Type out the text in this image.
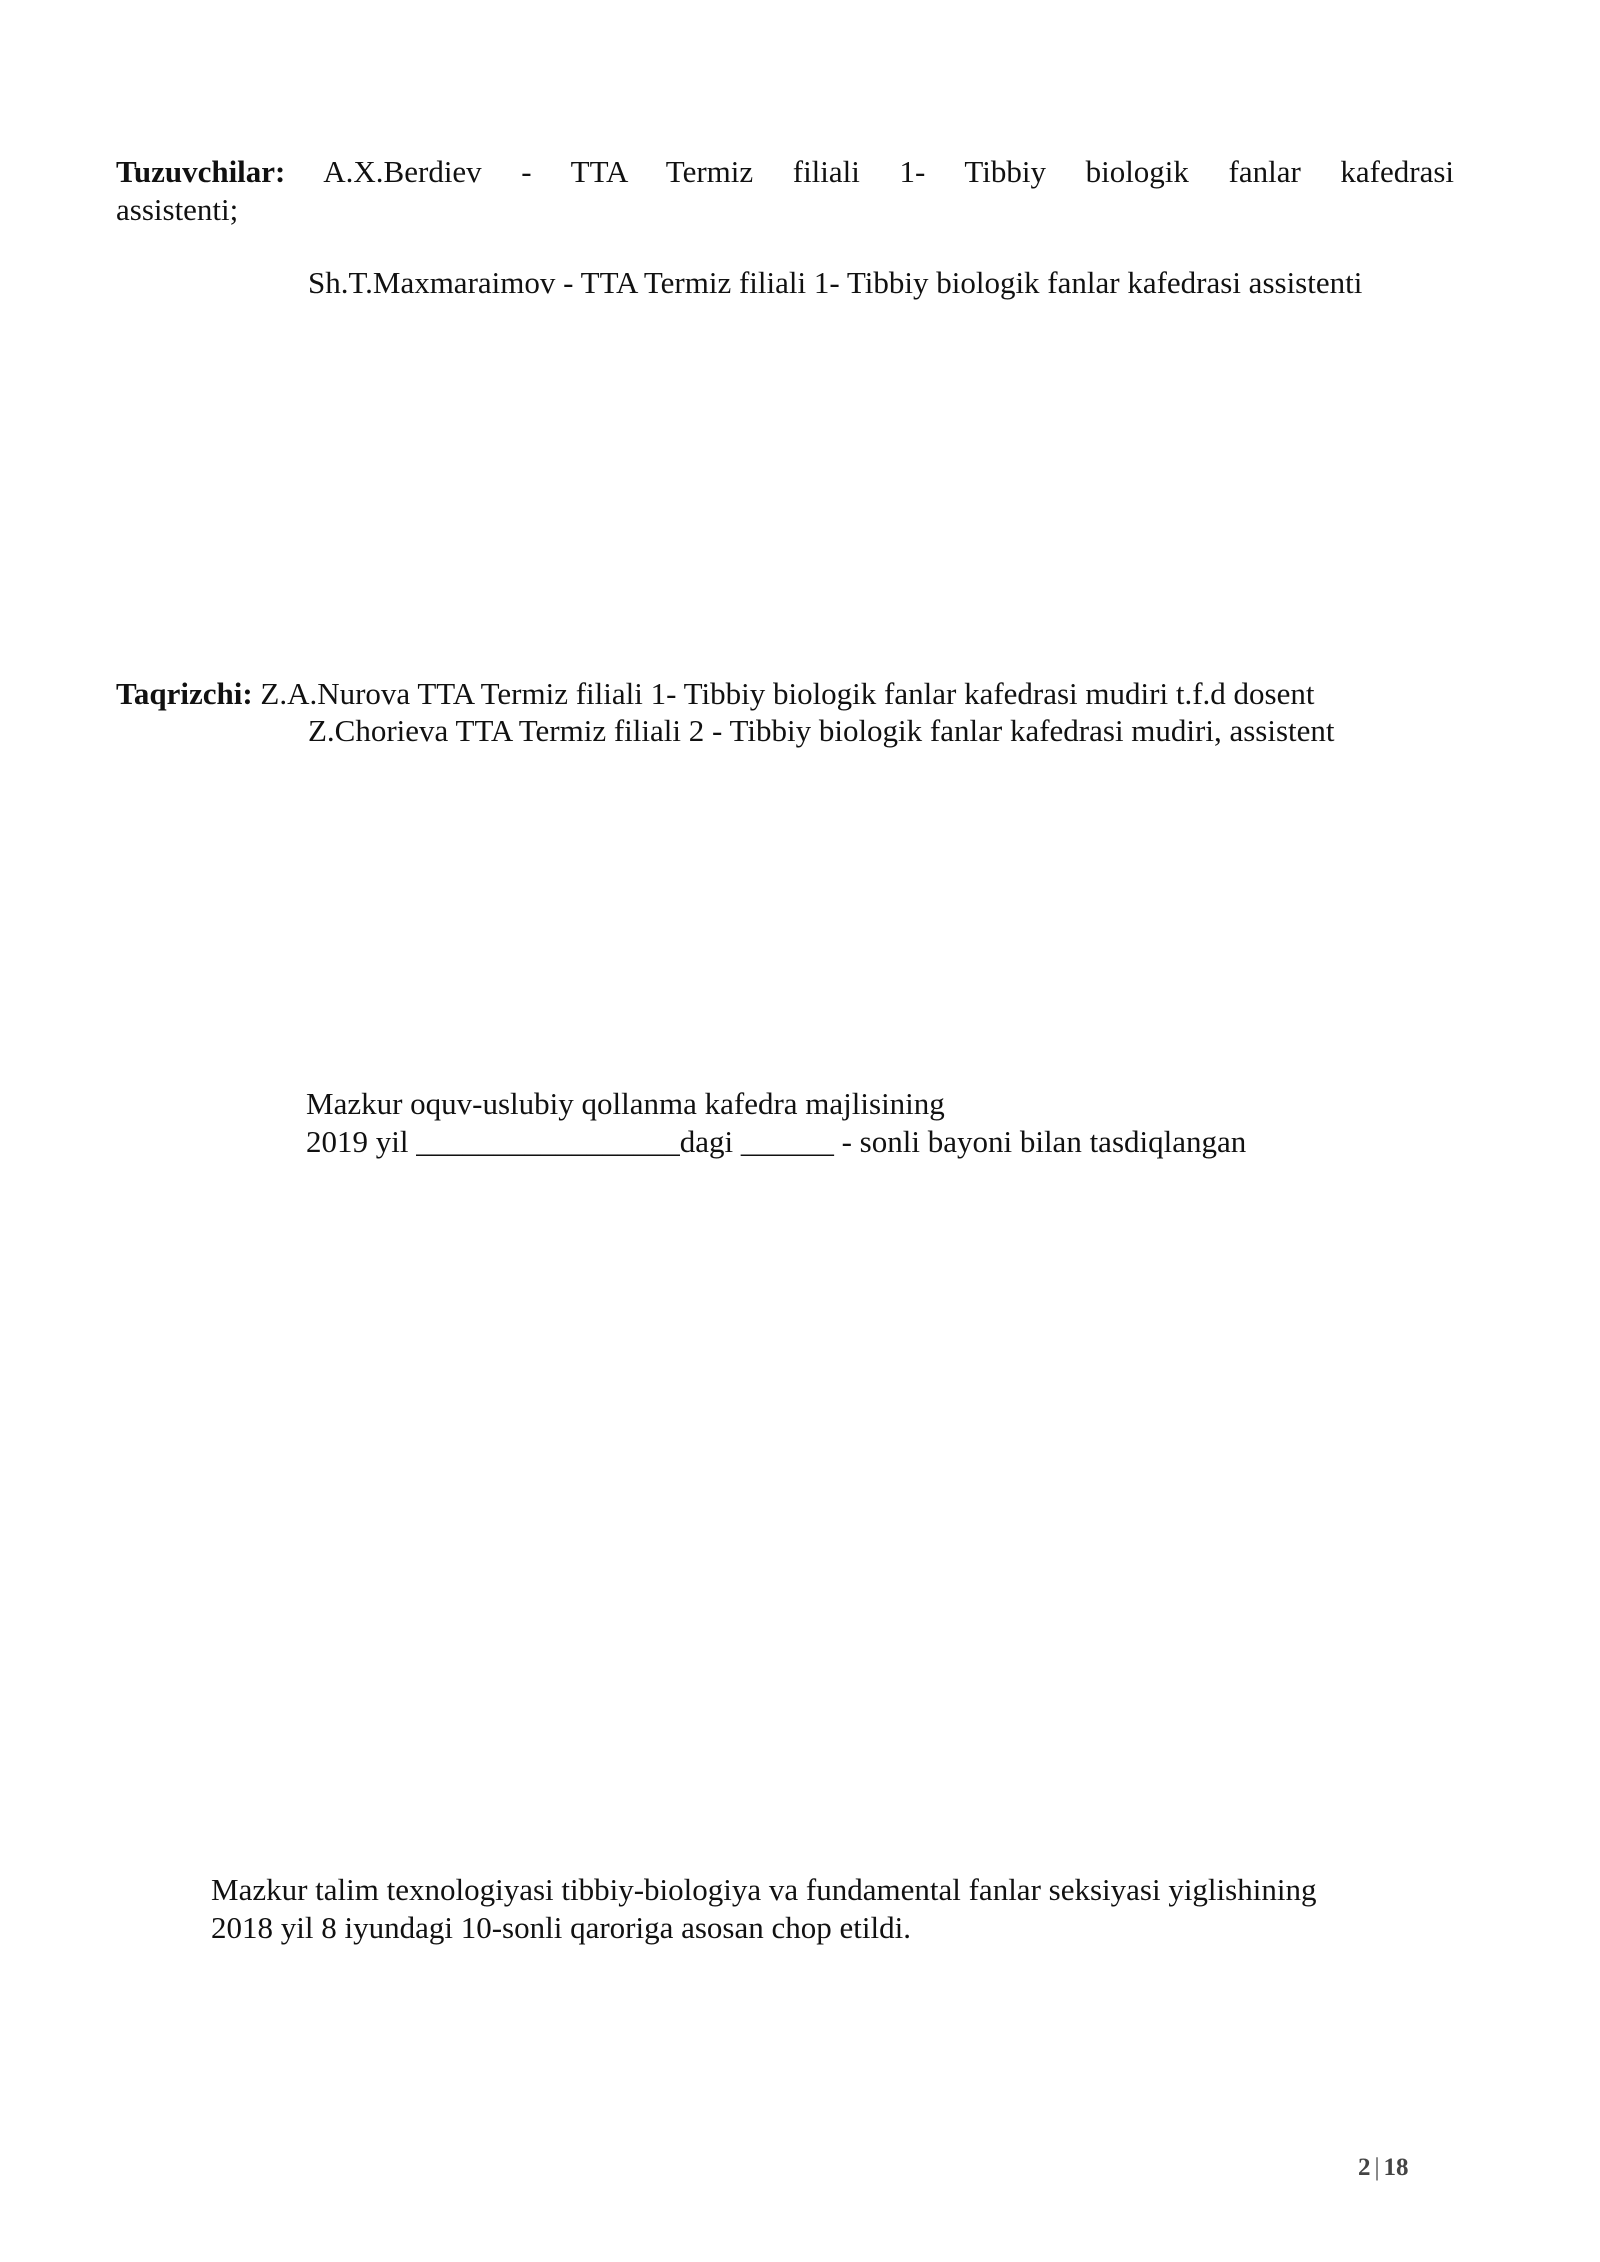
Tuzuvchilar: A.X.Berdiev - TTA Termiz filiali 1- Tibbiy biologik fanlar kafedrasi
assistenti;
Sh.T.Maxmaraimov - TTA Termiz filiali 1- Tibbiy biologik fanlar kafedrasi assistenti
Taqrizchi: Z.A.Nurova TTA Termiz filiali 1- Tibbiy biologik fanlar kafedrasi mudiri t.f.d dosent
Z.Chorieva TTA Termiz filiali 2 - Tibbiy biologik fanlar kafedrasi mudiri, assistent
Mazkur oquv-uslubiy qollanma kafedra majlisining
2019 yil _________________dagi ______ - sonli bayoni bilan tasdiqlangan
Mazkur talim texnologiyasi tibbiy-biologiya va fundamental fanlar seksiyasi yiglishining
2018 yil 8 iyundagi 10-sonli qaroriga asosan chop etildi.
2 | 18
